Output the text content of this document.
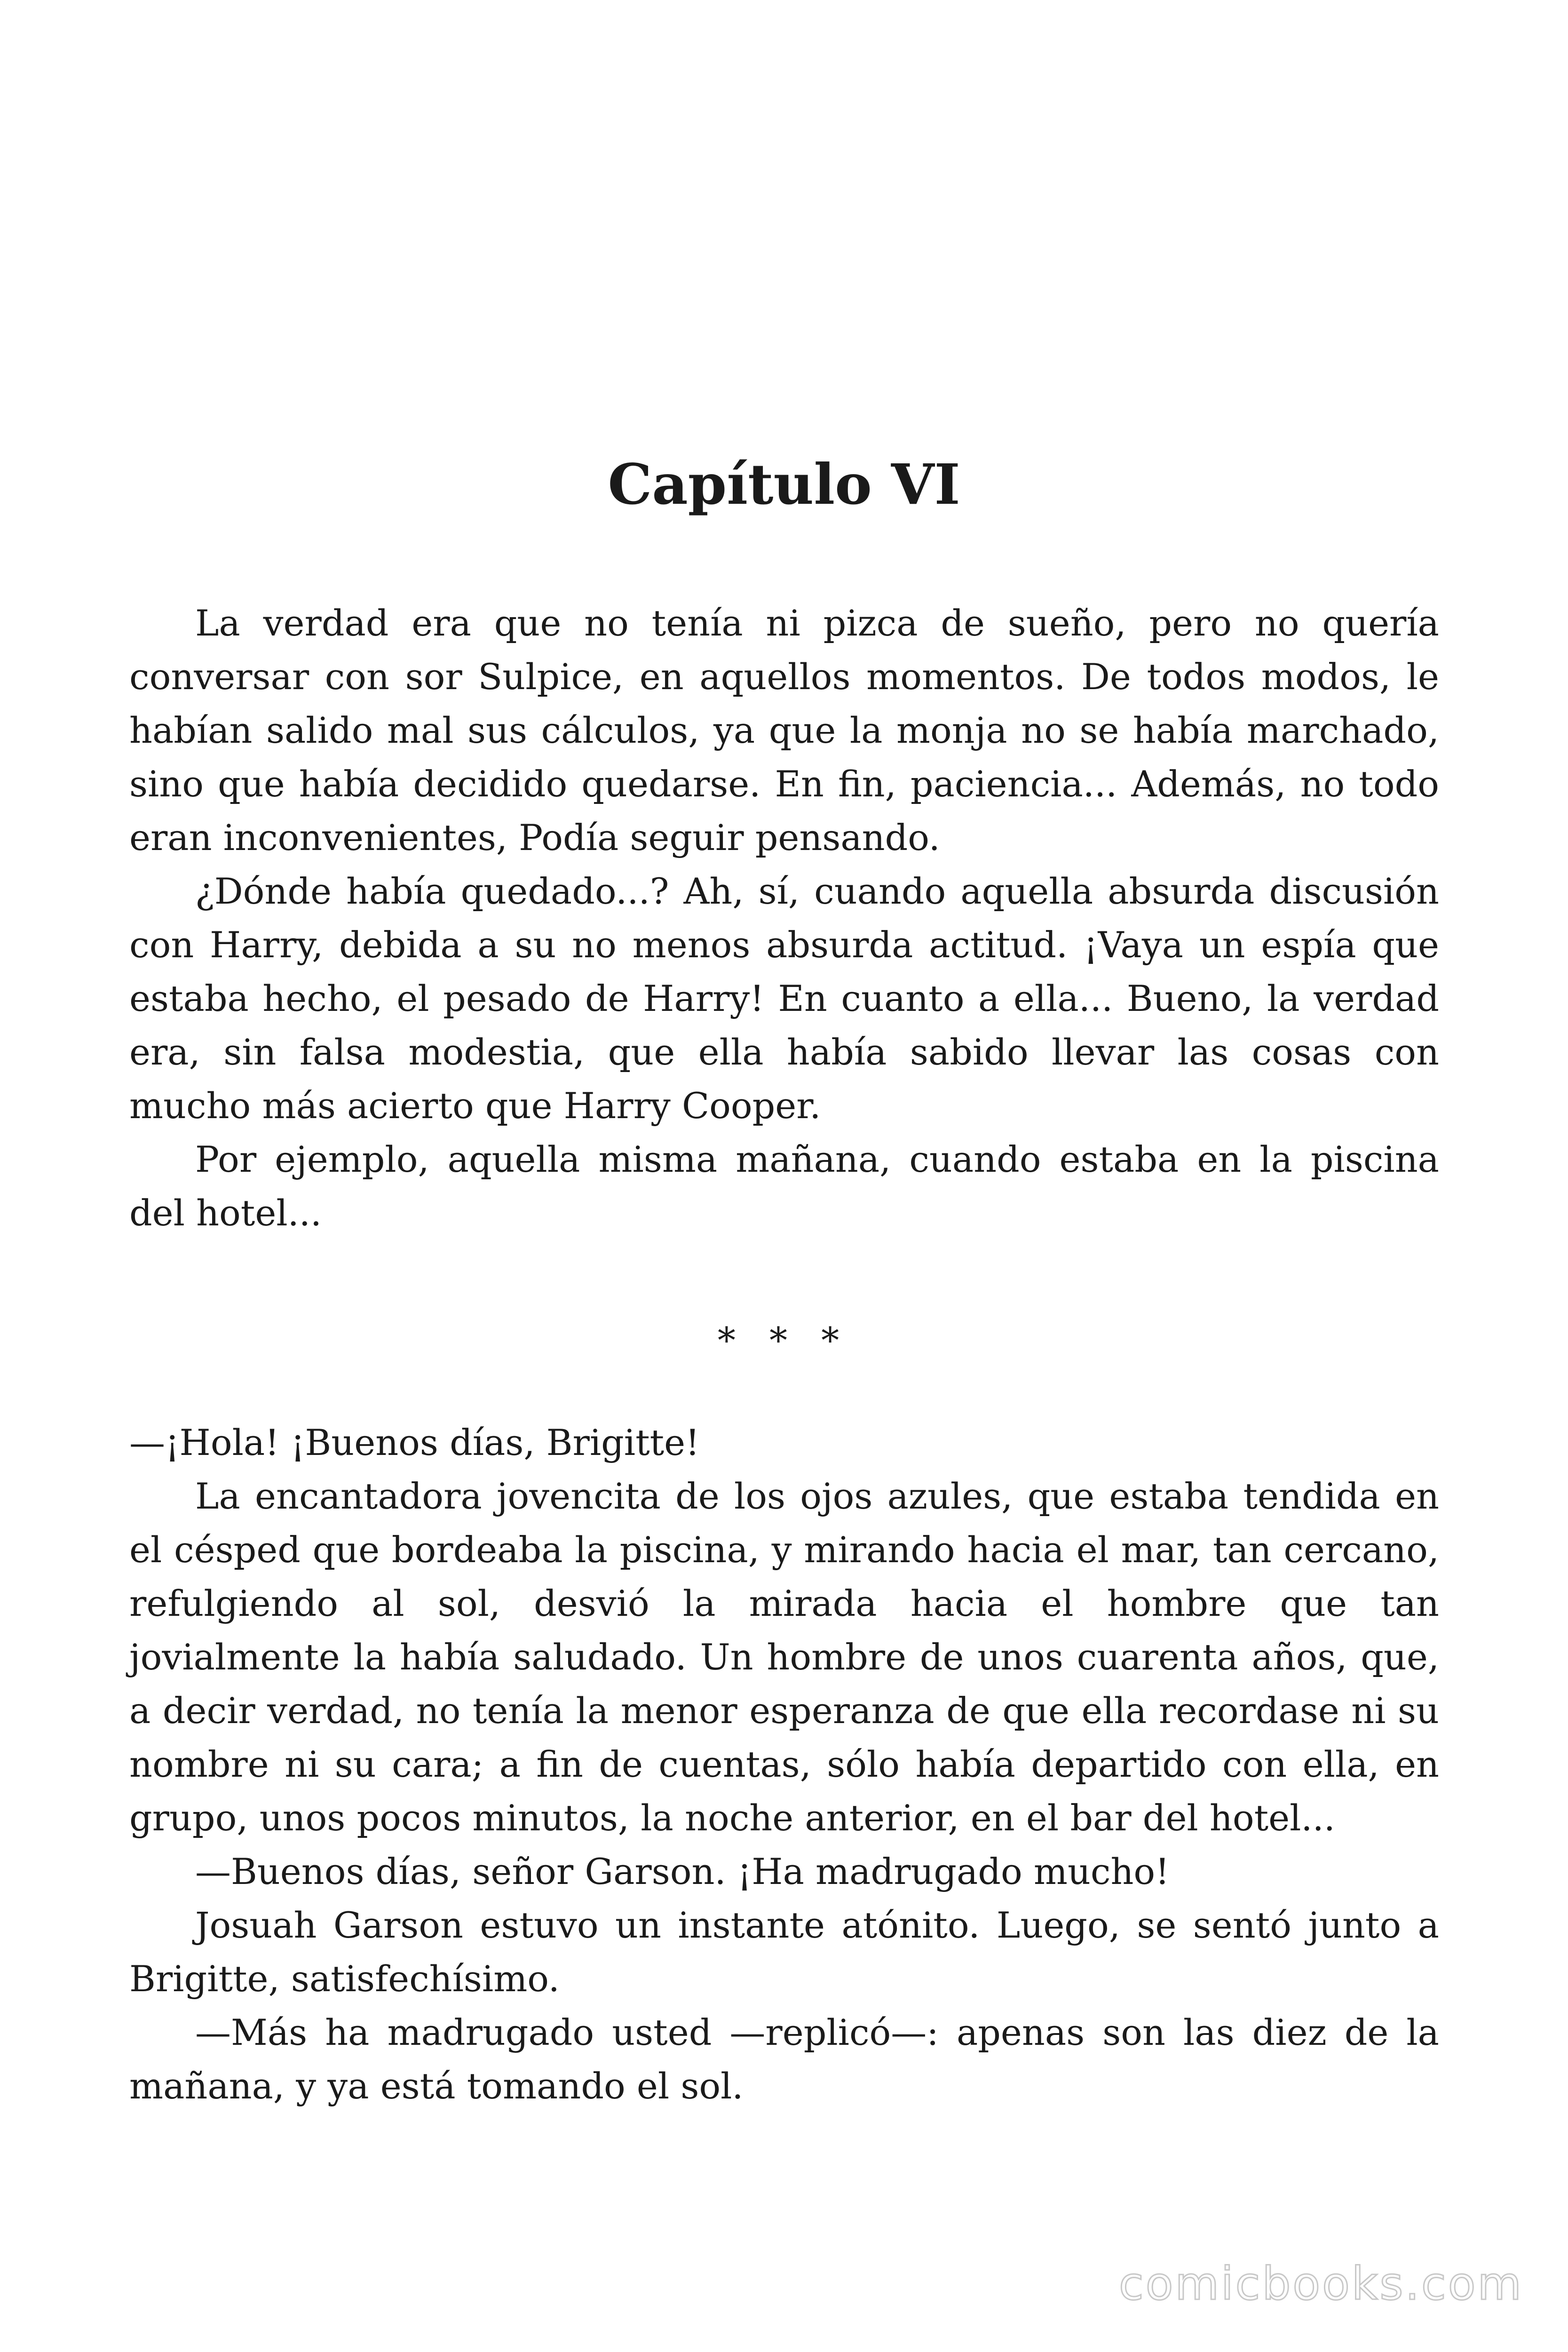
Capítulo VI

La verdad era que no tenía ni pizca de sueño, pero no quería conversar con sor Sulpice, en aquellos momentos. De todos modos, le habían salido mal sus cálculos, ya que la monja no se había marchado, sino que había decidido quedarse. En fin, paciencia... Además, no todo eran inconvenientes, Podía seguir pensando.

¿Dónde había quedado...? Ah, sí, cuando aquella absurda discusión con Harry, debida a su no menos absurda actitud. ¡Vaya un espía que estaba hecho, el pesado de Harry! En cuanto a ella... Bueno, la verdad era, sin falsa modestia, que ella había sabido llevar las cosas con mucho más acierto que Harry Cooper.

Por ejemplo, aquella misma mañana, cuando estaba en la piscina del hotel...

* * *

—¡Hola! ¡Buenos días, Brigitte!

La encantadora jovencita de los ojos azules, que estaba tendida en el césped que bordeaba la piscina, y mirando hacia el mar, tan cercano, refulgiendo al sol, desvió la mirada hacia el hombre que tan jovialmente la había saludado. Un hombre de unos cuarenta años, que, a decir verdad, no tenía la menor esperanza de que ella recordase ni su nombre ni su cara; a fin de cuentas, sólo había departido con ella, en grupo, unos pocos minutos, la noche anterior, en el bar del hotel...

—Buenos días, señor Garson. ¡Ha madrugado mucho!

Josuah Garson estuvo un instante atónito. Luego, se sentó junto a Brigitte, satisfechísimo.

—Más ha madrugado usted —replicó—: apenas son las diez de la mañana, y ya está tomando el sol.

comicbooks.com
